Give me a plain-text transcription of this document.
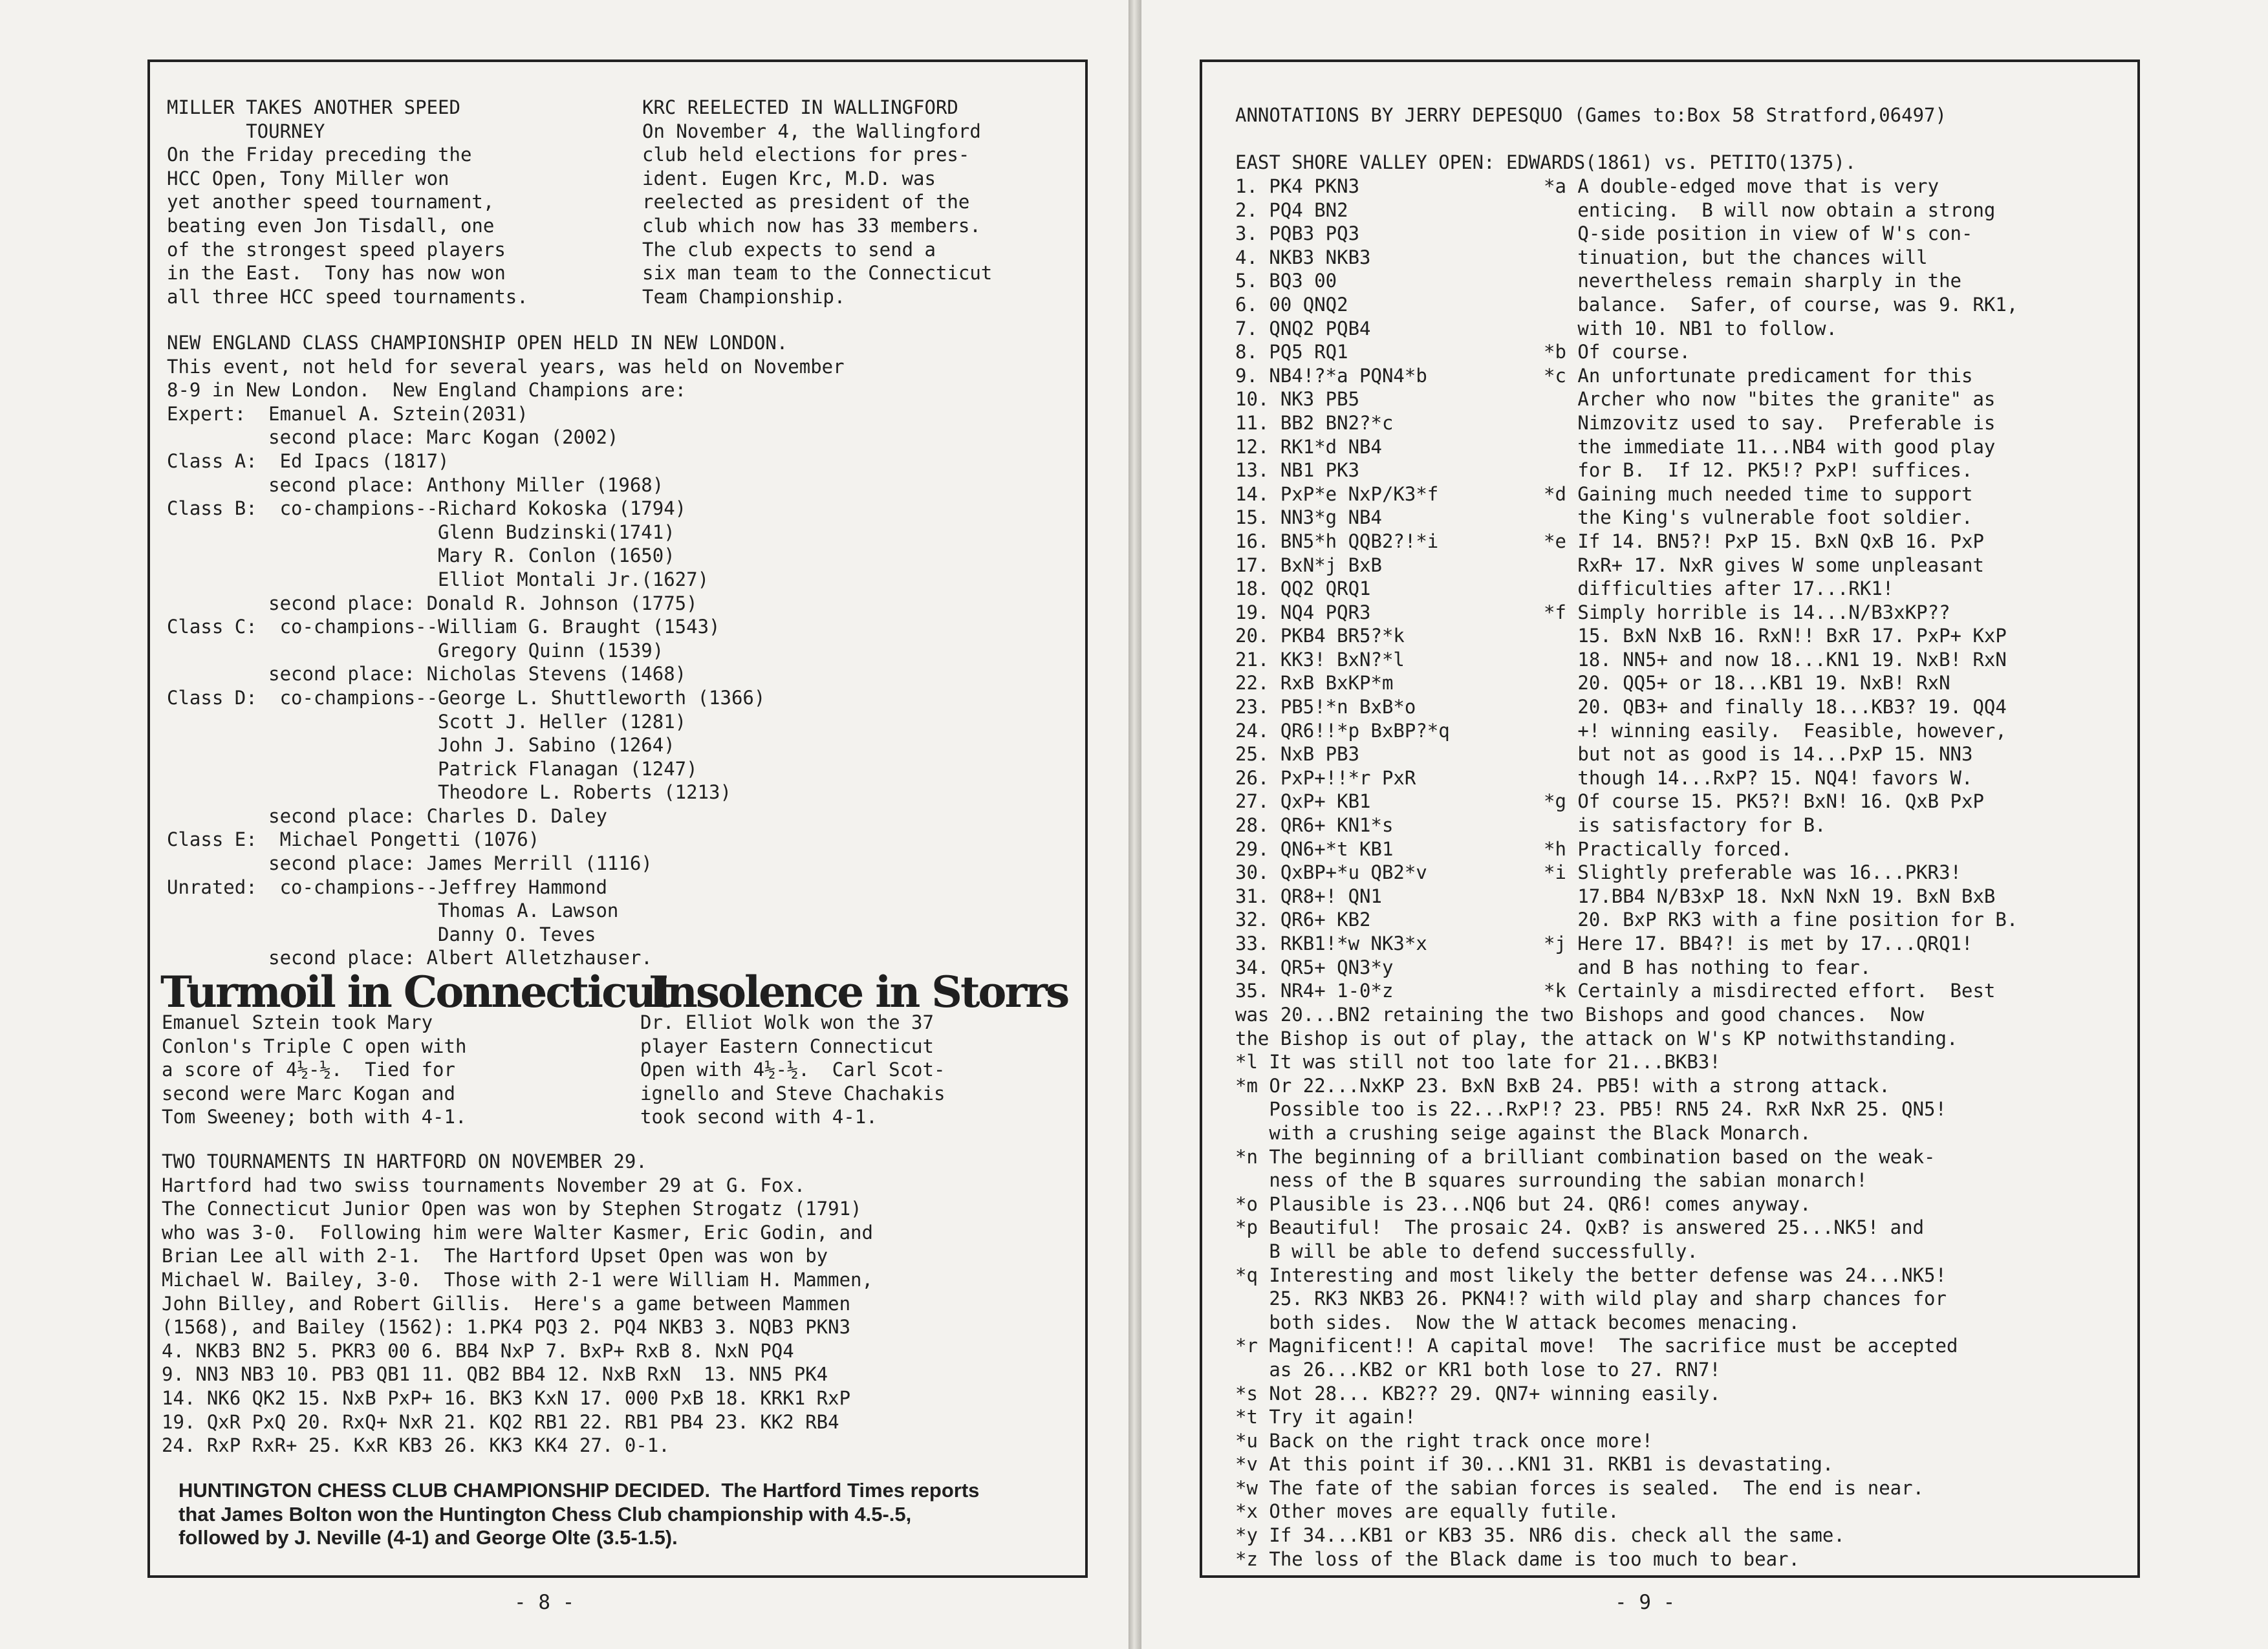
MILLER TAKES ANOTHER SPEED
TOURNEY
On the Friday preceding the
HCC Open, Tony Miller won
yet another speed tournament,
beating even Jon Tisdall, one
of the strongest speed players
in the East.  Tony has now won
all three HCC speed tournaments.
KRC REELECTED IN WALLINGFORD
On November 4, the Wallingford
club held elections for pres-
ident. Eugen Krc, M.D. was
reelected as president of the
club which now has 33 members.
The club expects to send a
six man team to the Connecticut
Team Championship.
NEW ENGLAND CLASS CHAMPIONSHIP OPEN HELD IN NEW LONDON.
This event, not held for several years, was held on November
8-9 in New London.  New England Champions are:
Expert:  Emanuel A. Sztein(2031)
second place: Marc Kogan (2002)
Class A:  Ed Ipacs (1817)
second place: Anthony Miller (1968)
Class B:  co-champions--Richard Kokoska (1794)
Glenn Budzinski(1741)
Mary R. Conlon (1650)
Elliot Montali Jr.(1627)
second place: Donald R. Johnson (1775)
Class C:  co-champions--William G. Braught (1543)
Gregory Quinn (1539)
second place: Nicholas Stevens (1468)
Class D:  co-champions--George L. Shuttleworth (1366)
Scott J. Heller (1281)
John J. Sabino (1264)
Patrick Flanagan (1247)
Theodore L. Roberts (1213)
second place: Charles D. Daley
Class E:  Michael Pongetti (1076)
second place: James Merrill (1116)
Unrated:  co-champions--Jeffrey Hammond
Thomas A. Lawson
Danny O. Teves
second place: Albert Alletzhauser.
Turmoil in Connecticut
Emanuel Sztein took Mary
Conlon's Triple C open with
a score of 4½-½.  Tied for
second were Marc Kogan and
Tom Sweeney; both with 4-1.
Insolence in Storrs
Dr. Elliot Wolk won the 37
player Eastern Connecticut
Open with 4½-½.  Carl Scot-
ignello and Steve Chachakis
took second with 4-1.
TWO TOURNAMENTS IN HARTFORD ON NOVEMBER 29.
Hartford had two swiss tournaments November 29 at G. Fox.
The Connecticut Junior Open was won by Stephen Strogatz (1791)
who was 3-0.  Following him were Walter Kasmer, Eric Godin, and
Brian Lee all with 2-1.  The Hartford Upset Open was won by
Michael W. Bailey, 3-0.  Those with 2-1 were William H. Mammen,
John Billey, and Robert Gillis.  Here's a game between Mammen
(1568), and Bailey (1562): 1.PK4 PQ3 2. PQ4 NKB3 3. NQB3 PKN3
4. NKB3 BN2 5. PKR3 00 6. BB4 NxP 7. BxP+ RxB 8. NxN PQ4
9. NN3 NB3 10. PB3 QB1 11. QB2 BB4 12. NxB RxN  13. NN5 PK4
14. NK6 QK2 15. NxB PxP+ 16. BK3 KxN 17. 000 PxB 18. KRK1 RxP
19. QxR PxQ 20. RxQ+ NxR 21. KQ2 RB1 22. RB1 PB4 23. KK2 RB4
24. RxP RxR+ 25. KxR KB3 26. KK3 KK4 27. 0-1.
HUNTINGTON CHESS CLUB CHAMPIONSHIP DECIDED.  The Hartford Times reports
that James Bolton won the Huntington Chess Club championship with 4.5-.5,
followed by J. Neville (4-1) and George Olte (3.5-1.5).
- 8 -
ANNOTATIONS BY JERRY DEPESQUO (Games to:Box 58 Stratford,06497)
EAST SHORE VALLEY OPEN: EDWARDS(1861) vs. PETITO(1375).
1. PK4 PKN3
2. PQ4 BN2
3. PQB3 PQ3
4. NKB3 NKB3
5. BQ3 00
6. 00 QNQ2
7. QNQ2 PQB4
8. PQ5 RQ1
9. NB4!?*a PQN4*b
10. NK3 PB5
11. BB2 BN2?*c
12. RK1*d NB4
13. NB1 PK3
14. PxP*e NxP/K3*f
15. NN3*g NB4
16. BN5*h QQB2?!*i
17. BxN*j BxB
18. QQ2 QRQ1
19. NQ4 PQR3
20. PKB4 BR5?*k
21. KK3! BxN?*l
22. RxB BxKP*m
23. PB5!*n BxB*o
24. QR6!!*p BxBP?*q
25. NxB PB3
26. PxP+!!*r PxR
27. QxP+ KB1
28. QR6+ KN1*s
29. QN6+*t KB1
30. QxBP+*u QB2*v
31. QR8+! QN1
32. QR6+ KB2
33. RKB1!*w NK3*x
34. QR5+ QN3*y
35. NR4+ 1-0*z
*a A double-edged move that is very
enticing.  B will now obtain a strong
Q-side position in view of W's con-
tinuation, but the chances will
nevertheless remain sharply in the
balance.  Safer, of course, was 9. RK1,
with 10. NB1 to follow.
*b Of course.
*c An unfortunate predicament for this
Archer who now "bites the granite" as
Nimzovitz used to say.  Preferable is
the immediate 11...NB4 with good play
for B.  If 12. PK5!? PxP! suffices.
*d Gaining much needed time to support
the King's vulnerable foot soldier.
*e If 14. BN5?! PxP 15. BxN QxB 16. PxP
RxR+ 17. NxR gives W some unpleasant
difficulties after 17...RK1!
*f Simply horrible is 14...N/B3xKP??
15. BxN NxB 16. RxN!! BxR 17. PxP+ KxP
18. NN5+ and now 18...KN1 19. NxB! RxN
20. QQ5+ or 18...KB1 19. NxB! RxN
20. QB3+ and finally 18...KB3? 19. QQ4
+! winning easily.  Feasible, however,
but not as good is 14...PxP 15. NN3
though 14...RxP? 15. NQ4! favors W.
*g Of course 15. PK5?! BxN! 16. QxB PxP
is satisfactory for B.
*h Practically forced.
*i Slightly preferable was 16...PKR3!
17.BB4 N/B3xP 18. NxN NxN 19. BxN BxB
20. BxP RK3 with a fine position for B.
*j Here 17. BB4?! is met by 17...QRQ1!
and B has nothing to fear.
*k Certainly a misdirected effort.  Best
was 20...BN2 retaining the two Bishops and good chances.  Now
the Bishop is out of play, the attack on W's KP notwithstanding.
*l It was still not too late for 21...BKB3!
*m Or 22...NxKP 23. BxN BxB 24. PB5! with a strong attack.
Possible too is 22...RxP!? 23. PB5! RN5 24. RxR NxR 25. QN5!
with a crushing seige against the Black Monarch.
*n The beginning of a brilliant combination based on the weak-
ness of the B squares surrounding the sabian monarch!
*o Plausible is 23...NQ6 but 24. QR6! comes anyway.
*p Beautiful!  The prosaic 24. QxB? is answered 25...NK5! and
B will be able to defend successfully.
*q Interesting and most likely the better defense was 24...NK5!
25. RK3 NKB3 26. PKN4!? with wild play and sharp chances for
both sides.  Now the W attack becomes menacing.
*r Magnificent!! A capital move!  The sacrifice must be accepted
as 26...KB2 or KR1 both lose to 27. RN7!
*s Not 28... KB2?? 29. QN7+ winning easily.
*t Try it again!
*u Back on the right track once more!
*v At this point if 30...KN1 31. RKB1 is devastating.
*w The fate of the sabian forces is sealed.  The end is near.
*x Other moves are equally futile.
*y If 34...KB1 or KB3 35. NR6 dis. check all the same.
*z The loss of the Black dame is too much to bear.
- 9 -
